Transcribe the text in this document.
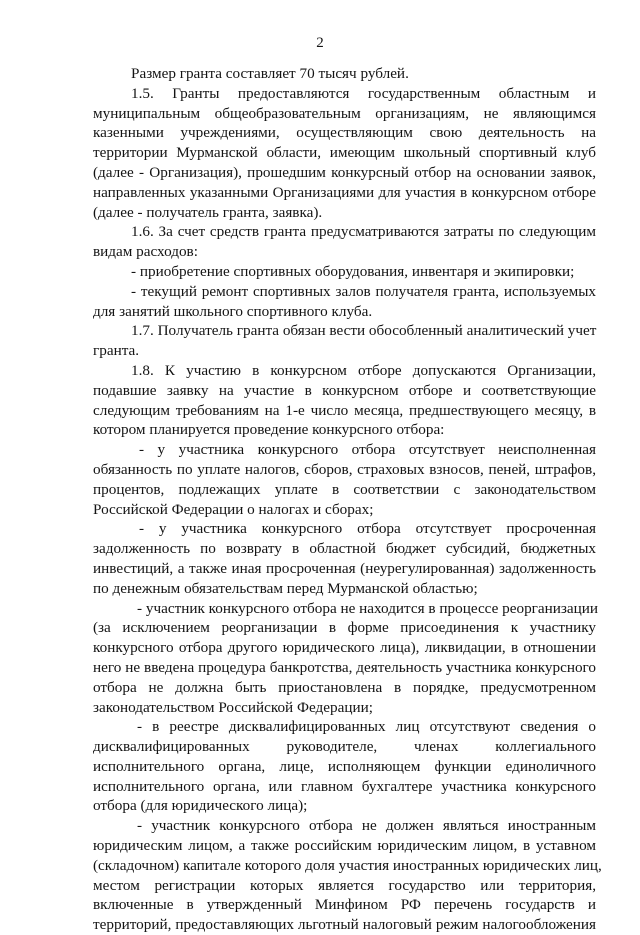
2
Размер гранта составляет 70 тысяч рублей.
1.5. Гранты предоставляются государственным областным и
муниципальным общеобразовательным организациям, не являющимся
казенными учреждениями, осуществляющим свою деятельность на
территории Мурманской области, имеющим школьный спортивный клуб
(далее - Организация), прошедшим конкурсный отбор на основании заявок,
направленных указанными Организациями для участия в конкурсном отборе
(далее - получатель гранта, заявка).
1.6. За счет средств гранта предусматриваются затраты по следующим
видам расходов:
- приобретение спортивных оборудования, инвентаря и экипировки;
- текущий ремонт спортивных залов получателя гранта, используемых
для занятий школьного спортивного клуба.
1.7. Получатель гранта обязан вести обособленный аналитический учет
гранта.
1.8. К участию в конкурсном отборе допускаются Организации,
подавшие заявку на участие в конкурсном отборе и соответствующие
следующим требованиям на 1-е число месяца, предшествующего месяцу, в
котором планируется проведение конкурсного отбора:
- у участника конкурсного отбора отсутствует неисполненная
обязанность по уплате налогов, сборов, страховых взносов, пеней, штрафов,
процентов, подлежащих уплате в соответствии с законодательством
Российской Федерации о налогах и сборах;
- у участника конкурсного отбора отсутствует просроченная
задолженность по возврату в областной бюджет субсидий, бюджетных
инвестиций, а также иная просроченная (неурегулированная) задолженность
по денежным обязательствам перед Мурманской областью;
- участник конкурсного отбора не находится в процессе реорганизации
(за исключением реорганизации в форме присоединения к участнику
конкурсного отбора другого юридического лица), ликвидации, в отношении
него не введена процедура банкротства, деятельность участника конкурсного
отбора не должна быть приостановлена в порядке, предусмотренном
законодательством Российской Федерации;
- в реестре дисквалифицированных лиц отсутствуют сведения о
дисквалифицированных руководителе, членах коллегиального
исполнительного органа, лице, исполняющем функции единоличного
исполнительного органа, или главном бухгалтере участника конкурсного
отбора (для юридического лица);
- участник конкурсного отбора не должен являться иностранным
юридическим лицом, а также российским юридическим лицом, в уставном
(складочном) капитале которого доля участия иностранных юридических лиц,
местом регистрации которых является государство или территория,
включенные в утвержденный Минфином РФ перечень государств и
территорий, предоставляющих льготный налоговый режим налогообложения
